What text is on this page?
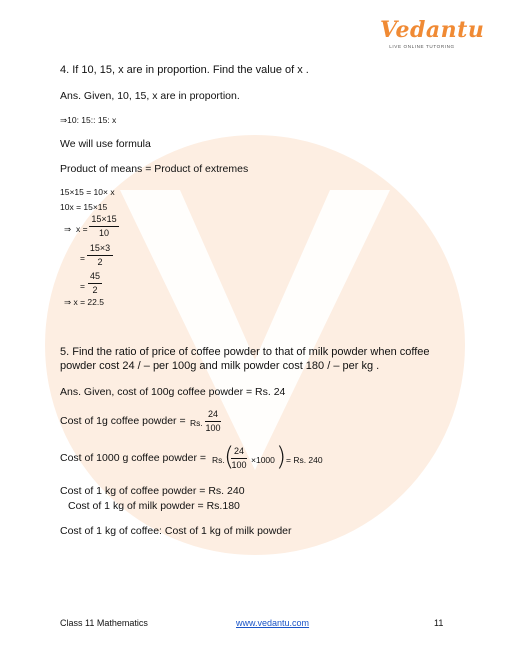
Vedantu
LIVE ONLINE TUTORING
4. If 10, 15, x are in proportion. Find the value of x .
Ans. Given, 10, 15, x are in proportion.
⇒10: 15:: 15: x
We will use formula
Product of means = Product of extremes
15×15 = 10× x
10x = 15×15
⇒ x =
15×15
10
=
15×3
2
=
45
2
⇒ x = 22.5
5. Find the ratio of price of coffee powder to that of milk powder when coffee
powder cost 24 / – per 100g and milk powder cost 180 / – per kg .
Ans. Given, cost of 100g coffee powder = Rs. 24
Cost of 1g coffee powder = Rs.
24
100
Cost of 1000 g coffee powder = Rs. ( 24
100 ×1000 ) = Rs. 240
Cost of 1 kg of coffee powder = Rs. 240
Cost of 1 kg of milk powder = Rs.180
Cost of 1 kg of coffee: Cost of 1 kg of milk powder
Class 11 Mathematics	www.vedantu.com	11
